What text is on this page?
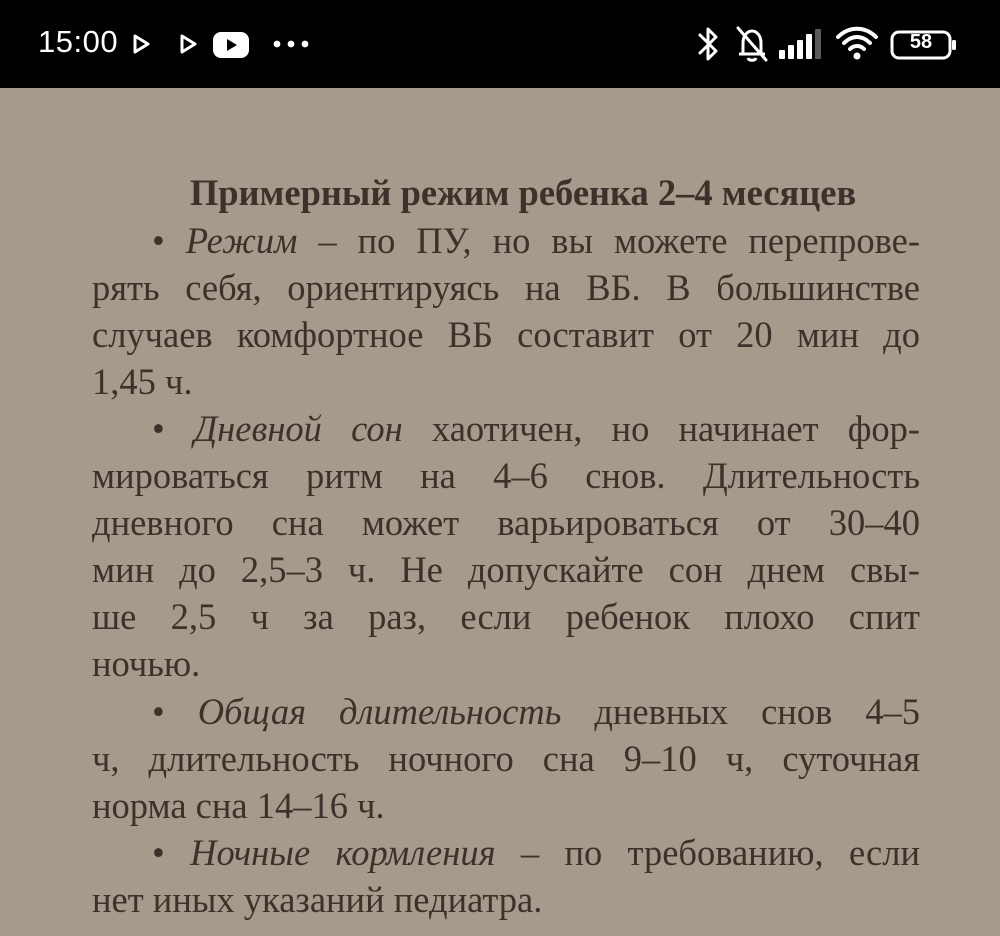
15:00	58
Примерный режим ребенка 2–4 месяцев
• Режим – по ПУ, но вы можете перепрове-
рять себя, ориентируясь на ВБ. В большинстве
случаев комфортное ВБ составит от 20 мин до
1,45 ч.
• Дневной сон хаотичен, но начинает фор-
мироваться ритм на 4–6 снов. Длительность
дневного сна может варьироваться от 30–40
мин до 2,5–3 ч. Не допускайте сон днем свы-
ше 2,5 ч за раз, если ребенок плохо спит
ночью.
• Общая длительность дневных снов 4–5
ч, длительность ночного сна 9–10 ч, суточная
норма сна 14–16 ч.
• Ночные кормления – по требованию, если
нет иных указаний педиатра.
